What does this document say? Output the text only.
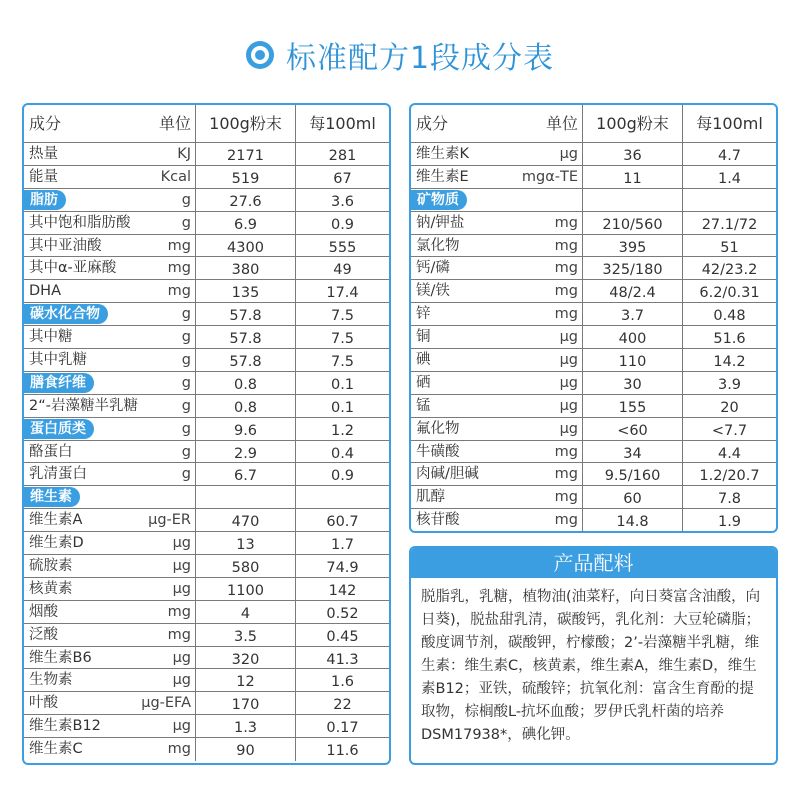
标准配方1段成分表
成分	单位	100g粉末	每100ml
热量	KJ	2171	281
能量	Kcal	519	67
脂肪	g	27.6	3.6
其中饱和脂肪酸	g	6.9	0.9
其中亚油酸	mg	4300	555
其中α-亚麻酸	mg	380	49
DHA	mg	135	17.4
碳水化合物	g	57.8	7.5
其中糖	g	57.8	7.5
其中乳糖	g	57.8	7.5
膳食纤维	g	0.8	0.1
2“-岩藻糖半乳糖	g	0.8	0.1
蛋白质类	g	9.6	1.2
酪蛋白	g	2.9	0.4
乳清蛋白	g	6.7	0.9
维生素
维生素A	μg-ER	470	60.7
维生素D	μg	13	1.7
硫胺素	μg	580	74.9
核黄素	μg	1100	142
烟酸	mg	4	0.52
泛酸	mg	3.5	0.45
维生素B6	μg	320	41.3
生物素	μg	12	1.6
叶酸	μg-EFA	170	22
维生素B12	μg	1.3	0.17
维生素C	mg	90	11.6
成分	单位	100g粉末	每100ml
维生素K	μg	36	4.7
维生素E	mgα-TE	11	1.4
矿物质
钠/钾盐	mg	210/560	27.1/72
氯化物	mg	395	51
钙/磷	mg	325/180	42/23.2
镁/铁	mg	48/2.4	6.2/0.31
锌	mg	3.7	0.48
铜	μg	400	51.6
碘	μg	110	14.2
硒	μg	30	3.9
锰	μg	155	20
氟化物	μg	<60	<7.7
牛磺酸	mg	34	4.4
肉碱/胆碱	mg	9.5/160	1.2/20.7
肌醇	mg	60	7.8
核苷酸	mg	14.8	1.9
产品配料
脱脂乳，乳糖，植物油(油菜籽，向日葵富含油酸，向日葵)，脱盐甜乳清，碳酸钙，乳化剂：大豆轮磷脂；酸度调节剂，碳酸钾，柠檬酸；2’-岩藻糖半乳糖，维生素：维生素C，核黄素，维生素A，维生素D，维生素B12；亚铁，硫酸锌；抗氧化剂：富含生育酚的提取物，棕榈酸L-抗坏血酸；罗伊氏乳杆菌的培养DSM17938*，碘化钾。
